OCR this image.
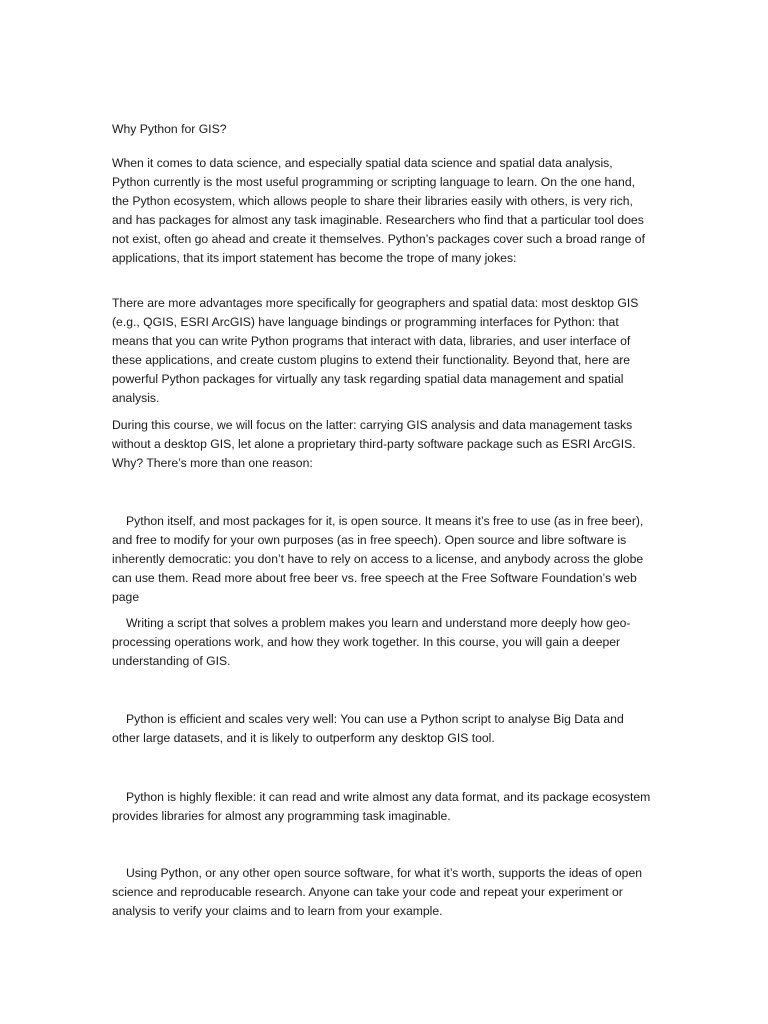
Why Python for GIS?

When it comes to data science, and especially spatial data science and spatial data analysis, Python currently is the most useful programming or scripting language to learn. On the one hand, the Python ecosystem, which allows people to share their libraries easily with others, is very rich, and has packages for almost any task imaginable. Researchers who find that a particular tool does not exist, often go ahead and create it themselves. Python’s packages cover such a broad range of applications, that its import statement has become the trope of many jokes:

There are more advantages more specifically for geographers and spatial data: most desktop GIS (e.g., QGIS, ESRI ArcGIS) have language bindings or programming interfaces for Python: that means that you can write Python programs that interact with data, libraries, and user interface of these applications, and create custom plugins to extend their functionality. Beyond that, here are powerful Python packages for virtually any task regarding spatial data management and spatial analysis.

During this course, we will focus on the latter: carrying GIS analysis and data management tasks without a desktop GIS, let alone a proprietary third-party software package such as ESRI ArcGIS. Why? There’s more than one reason:

Python itself, and most packages for it, is open source. It means it’s free to use (as in free beer), and free to modify for your own purposes (as in free speech). Open source and libre software is inherently democratic: you don’t have to rely on access to a license, and anybody across the globe can use them. Read more about free beer vs. free speech at the Free Software Foundation’s web page

Writing a script that solves a problem makes you learn and understand more deeply how geo-processing operations work, and how they work together. In this course, you will gain a deeper understanding of GIS.

Python is efficient and scales very well: You can use a Python script to analyse Big Data and other large datasets, and it is likely to outperform any desktop GIS tool.

Python is highly flexible: it can read and write almost any data format, and its package ecosystem provides libraries for almost any programming task imaginable.

Using Python, or any other open source software, for what it’s worth, supports the ideas of open science and reproducable research. Anyone can take your code and repeat your experiment or analysis to verify your claims and to learn from your example.
